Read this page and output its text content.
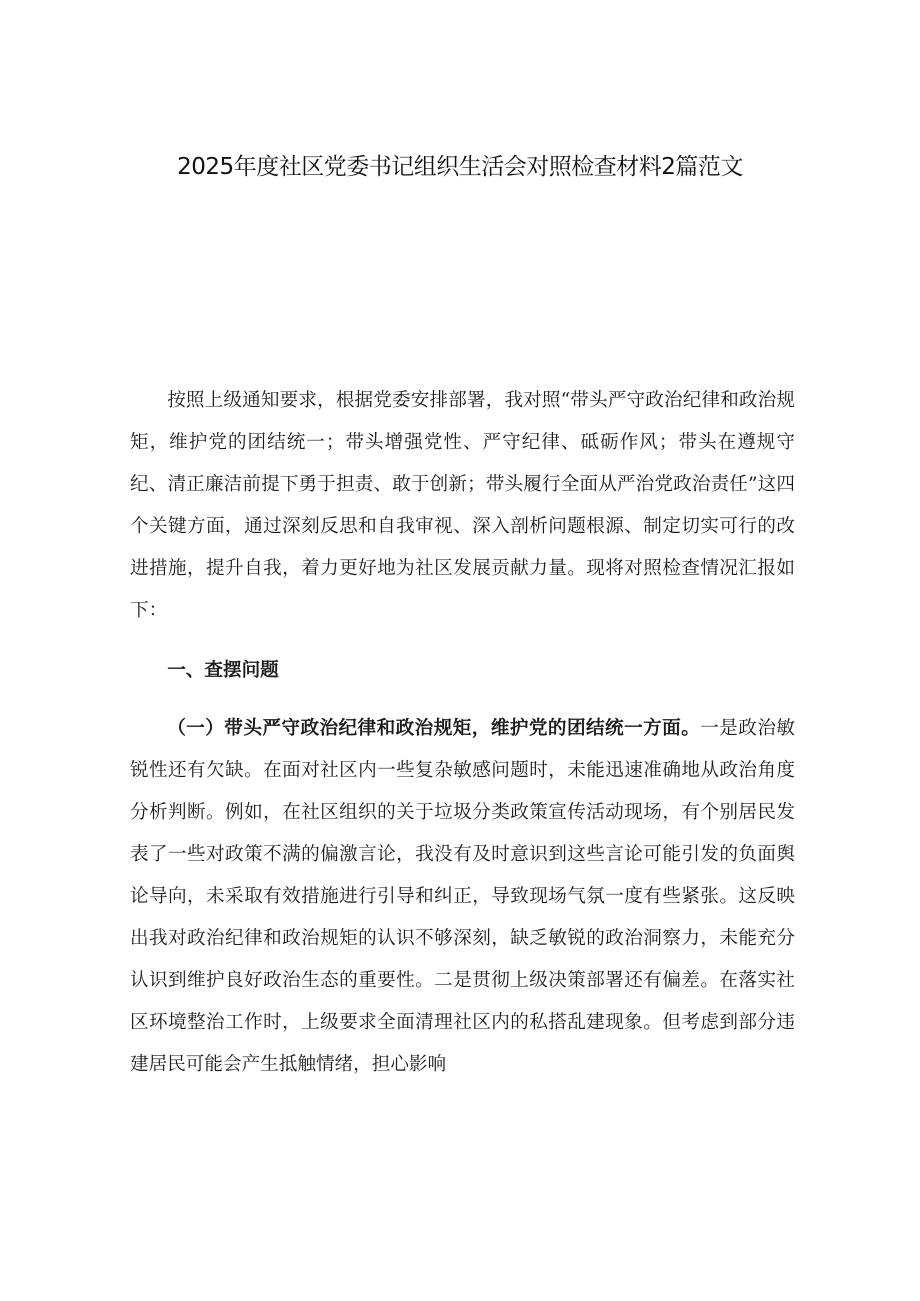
2025年度社区党委书记组织生活会对照检查材料2篇范文

按照上级通知要求，根据党委安排部署，我对照“带头严守政治纪律和政治规矩，维护党的团结统一；带头增强党性、严守纪律、砥砺作风；带头在遵规守纪、清正廉洁前提下勇于担责、敢于创新；带头履行全面从严治党政治责任”这四个关键方面，通过深刻反思和自我审视、深入剖析问题根源、制定切实可行的改进措施，提升自我，着力更好地为社区发展贡献力量。现将对照检查情况汇报如下：

一、查摆问题

（一）带头严守政治纪律和政治规矩，维护党的团结统一方面。一是政治敏锐性还有欠缺。在面对社区内一些复杂敏感问题时，未能迅速准确地从政治角度分析判断。例如，在社区组织的关于垃圾分类政策宣传活动现场，有个别居民发表了一些对政策不满的偏激言论，我没有及时意识到这些言论可能引发的负面舆论导向，未采取有效措施进行引导和纠正，导致现场气氛一度有些紧张。这反映出我对政治纪律和政治规矩的认识不够深刻，缺乏敏锐的政治洞察力，未能充分认识到维护良好政治生态的重要性。二是贯彻上级决策部署还有偏差。在落实社区环境整治工作时，上级要求全面清理社区内的私搭乱建现象。但考虑到部分违建居民可能会产生抵触情绪，担心影响
